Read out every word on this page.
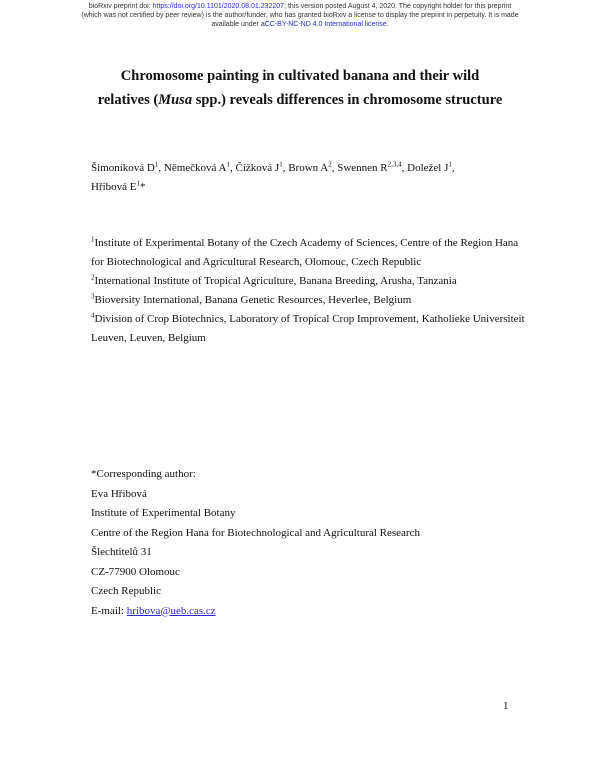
bioRxiv preprint doi: https://doi.org/10.1101/2020.08.01.232207; this version posted August 4, 2020. The copyright holder for this preprint
(which was not certified by peer review) is the author/funder, who has granted bioRxiv a license to display the preprint in perpetuity. It is made
available under aCC-BY-NC-ND 4.0 International license.
Chromosome painting in cultivated banana and their wild
relatives (Musa spp.) reveals differences in chromosome structure
Šimoníková $D^1$, Němečková $A^1$, Čížková $J^1$, Brown $A^2$, Swennen R$^{2,3,4}$, Doležel $J^1$,
Hřibová $E^1*$

$^1$Institute of Experimental Botany of the Czech Academy of Sciences, Centre of the Region Hana for Biotechnological and Agricultural Research, Olomouc, Czech Republic

$^2$International Institute of Tropical Agriculture, Banana Breeding, Arusha, Tanzania

$^3$Bioversity International, Banana Genetic Resources, Heverlee, Belgium

$^4$Division of Crop Biotechnics, Laboratory of Tropical Crop Improvement, Katholieke Universiteit Leuven, Leuven, Belgium

*Corresponding author:
Eva Hřibová
Institute of Experimental Botany
Centre of the Region Hana for Biotechnological and Agricultural Research
Šlechtitelů 31
CZ-77900 Olomouc
Czech Republic
E-mail: hribova@ueb.cas.cz
1
